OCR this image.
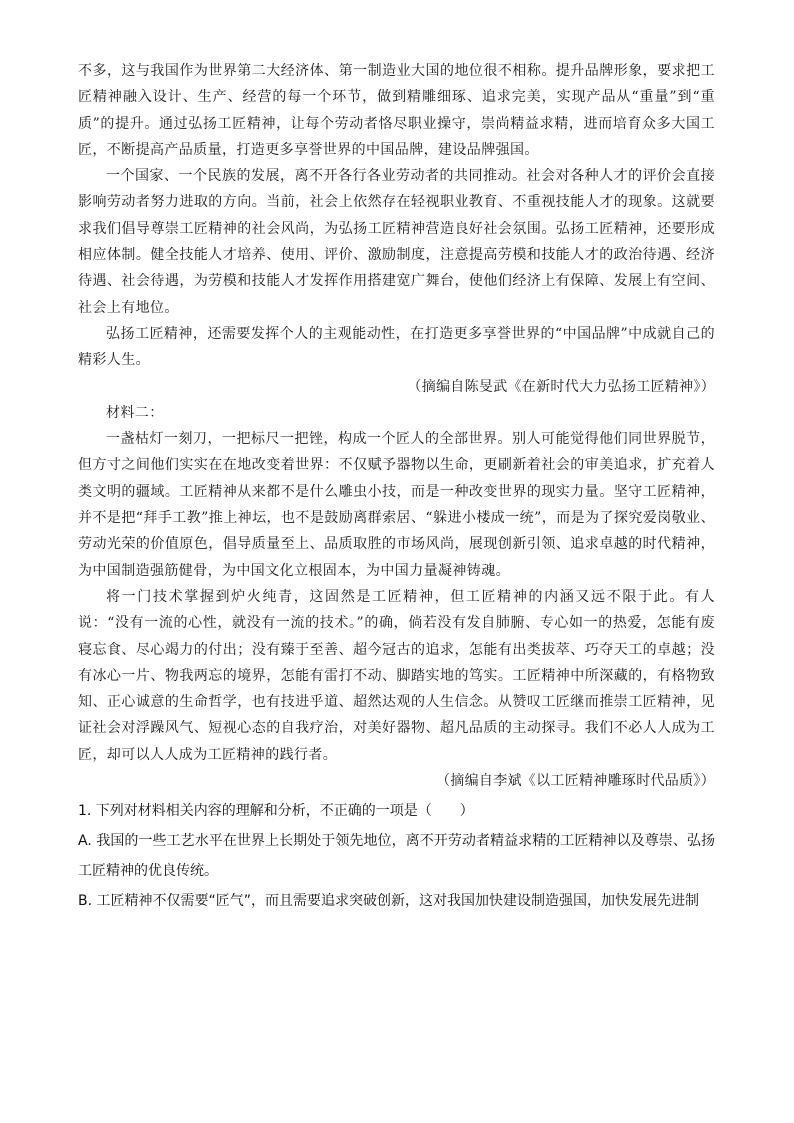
不多，这与我国作为世界第二大经济体、第一制造业大国的地位很不相称。提升品牌形象，要求把工匠精神融入设计、生产、经营的每一个环节，做到精雕细琢、追求完美，实现产品从“重量”到“重质”的提升。通过弘扬工匠精神，让每个劳动者恪尽职业操守，崇尚精益求精，进而培育众多大国工匠，不断提高产品质量，打造更多享誉世界的中国品牌，建设品牌强国。

一个国家、一个民族的发展，离不开各行各业劳动者的共同推动。社会对各种人才的评价会直接影响劳动者努力进取的方向。当前，社会上依然存在轻视职业教育、不重视技能人才的现象。这就要求我们倡导尊崇工匠精神的社会风尚，为弘扬工匠精神营造良好社会氛围。弘扬工匠精神，还要形成相应体制。健全技能人才培养、使用、评价、激励制度，注意提高劳模和技能人才的政治待遇、经济待遇、社会待遇，为劳模和技能人才发挥作用搭建宽广舞台，使他们经济上有保障、发展上有空间、社会上有地位。

弘扬工匠精神，还需要发挥个人的主观能动性，在打造更多享誉世界的“中国品牌”中成就自己的精彩人生。

（摘编自陈旻武《在新时代大力弘扬工匠精神》）

材料二：

一盏枯灯一刻刀，一把标尺一把锉，构成一个匠人的全部世界。别人可能觉得他们同世界脱节，但方寸之间他们实实在在地改变着世界：不仅赋予器物以生命，更刷新着社会的审美追求，扩充着人类文明的疆域。工匠精神从来都不是什么雕虫小技，而是一种改变世界的现实力量。坚守工匠精神，并不是把“拜手工教”推上神坛，也不是鼓励离群索居、“躲进小楼成一统”，而是为了探究爱岗敬业、劳动光荣的价值原色，倡导质量至上、品质取胜的市场风尚，展现创新引领、追求卓越的时代精神，为中国制造强筋健骨，为中国文化立根固本，为中国力量凝神铸魂。

将一门技术掌握到炉火纯青，这固然是工匠精神，但工匠精神的内涵又远不限于此。有人说：“没有一流的心性，就没有一流的技术。”的确，倘若没有发自肺腑、专心如一的热爱，怎能有废寝忘食、尽心竭力的付出；没有臻于至善、超今冠古的追求，怎能有出类拔萃、巧夺天工的卓越；没有冰心一片、物我两忘的境界，怎能有雷打不动、脚踏实地的笃实。工匠精神中所深藏的，有格物致知、正心诚意的生命哲学，也有技进乎道、超然达观的人生信念。从赞叹工匠继而推崇工匠精神，见证社会对浮躁风气、短视心态的自我疗治，对美好器物、超凡品质的主动探寻。我们不必人人成为工匠，却可以人人成为工匠精神的践行者。

（摘编自李斌《以工匠精神雕琢时代品质》）

1. 下列对材料相关内容的理解和分析，不正确的一项是（　　）

A. 我国的一些工艺水平在世界上长期处于领先地位，离不开劳动者精益求精的工匠精神以及尊崇、弘扬工匠精神的优良传统。

B. 工匠精神不仅需要“匠气”，而且需要追求突破创新，这对我国加快建设制造强国，加快发展先进制
